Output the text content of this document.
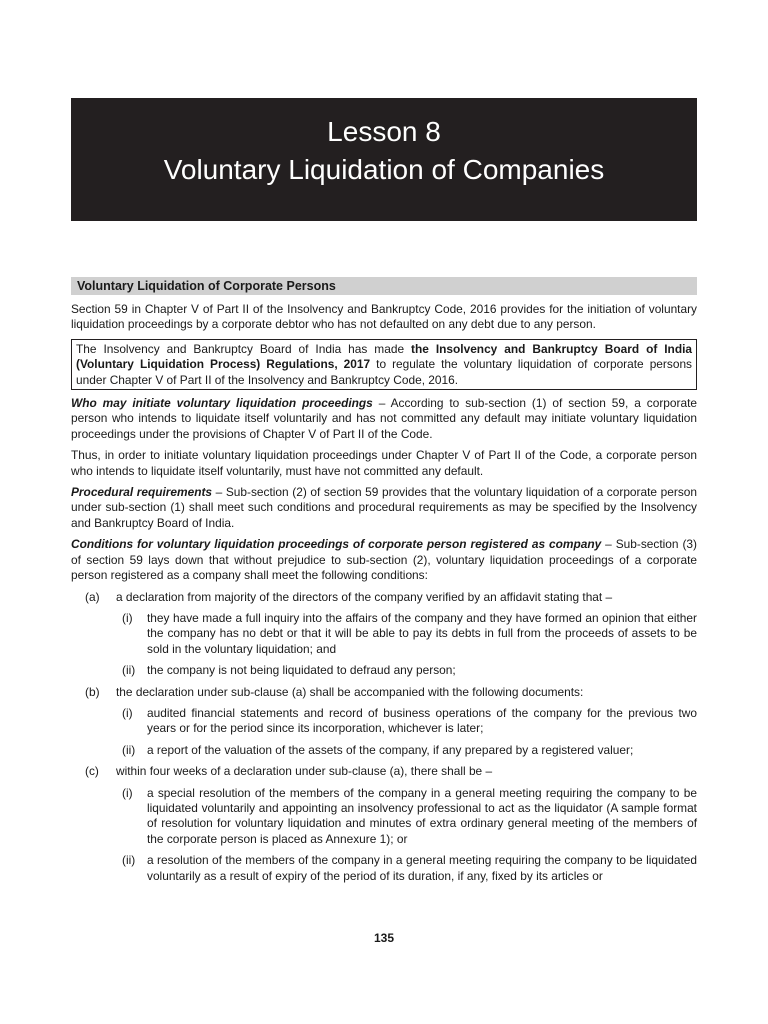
Lesson 8
Voluntary Liquidation of Companies
Voluntary Liquidation of Corporate Persons

Section 59 in Chapter V of Part II of the Insolvency and Bankruptcy Code, 2016 provides for the initiation of voluntary liquidation proceedings by a corporate debtor who has not defaulted on any debt due to any person.

The Insolvency and Bankruptcy Board of India has made the Insolvency and Bankruptcy Board of India (Voluntary Liquidation Process) Regulations, 2017 to regulate the voluntary liquidation of corporate persons under Chapter V of Part II of the Insolvency and Bankruptcy Code, 2016.

Who may initiate voluntary liquidation proceedings – According to sub-section (1) of section 59, a corporate person who intends to liquidate itself voluntarily and has not committed any default may initiate voluntary liquidation proceedings under the provisions of Chapter V of Part II of the Code.

Thus, in order to initiate voluntary liquidation proceedings under Chapter V of Part II of the Code, a corporate person who intends to liquidate itself voluntarily, must have not committed any default.

Procedural requirements – Sub-section (2) of section 59 provides that the voluntary liquidation of a corporate person under sub-section (1) shall meet such conditions and procedural requirements as may be specified by the Insolvency and Bankruptcy Board of India.

Conditions for voluntary liquidation proceedings of corporate person registered as company – Sub-section (3) of section 59 lays down that without prejudice to sub-section (2), voluntary liquidation proceedings of a corporate person registered as a company shall meet the following conditions:

(a) a declaration from majority of the directors of the company verified by an affidavit stating that –
(i) they have made a full inquiry into the affairs of the company and they have formed an opinion that either the company has no debt or that it will be able to pay its debts in full from the proceeds of assets to be sold in the voluntary liquidation; and
(ii) the company is not being liquidated to defraud any person;
(b) the declaration under sub-clause (a) shall be accompanied with the following documents:
(i) audited financial statements and record of business operations of the company for the previous two years or for the period since its incorporation, whichever is later;
(ii) a report of the valuation of the assets of the company, if any prepared by a registered valuer;
(c) within four weeks of a declaration under sub-clause (a), there shall be –
(i) a special resolution of the members of the company in a general meeting requiring the company to be liquidated voluntarily and appointing an insolvency professional to act as the liquidator (A sample format of resolution for voluntary liquidation and minutes of extra ordinary general meeting of the members of the corporate person is placed as Annexure 1); or
(ii) a resolution of the members of the company in a general meeting requiring the company to be liquidated voluntarily as a result of expiry of the period of its duration, if any, fixed by its articles or
135
